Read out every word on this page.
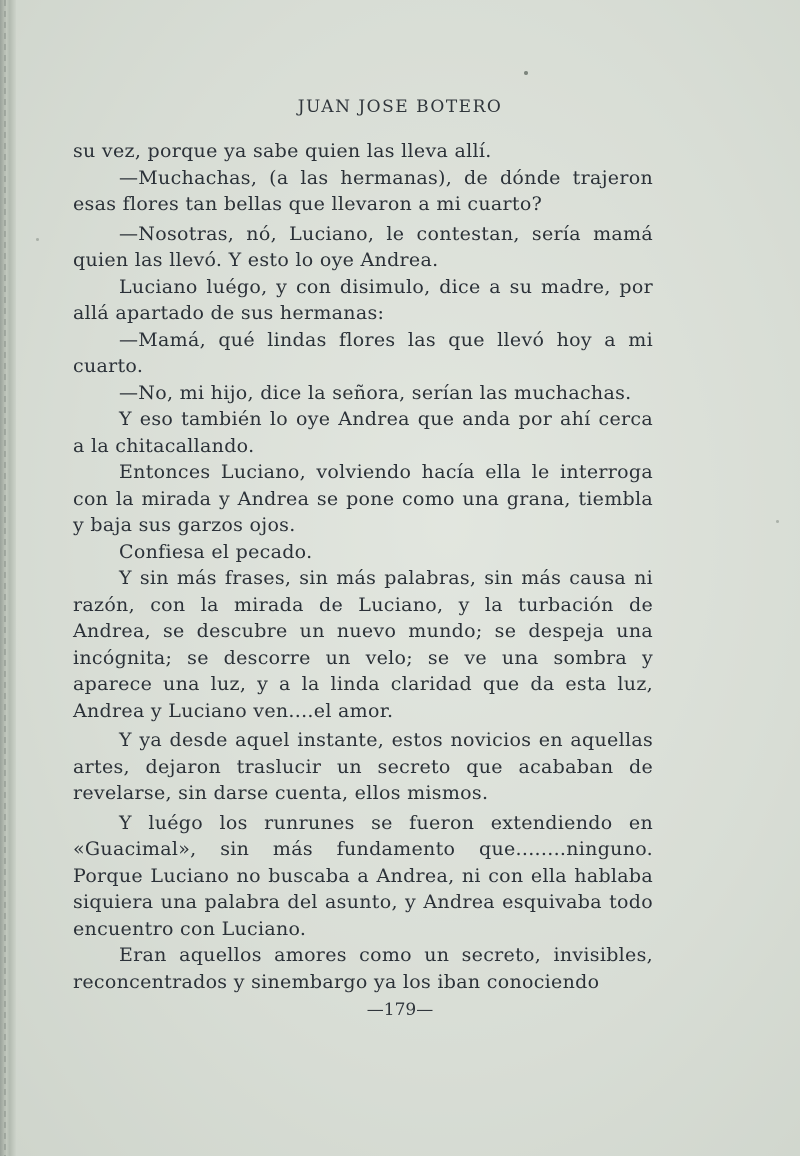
JUAN JOSE BOTERO

su vez, porque ya sabe quien las lleva allí.

—Muchachas, (a las hermanas), de dónde trajeron esas flores tan bellas que llevaron a mi cuarto?

—Nosotras, nó, Luciano, le contestan, sería mamá quien las llevó. Y esto lo oye Andrea.

Luciano luégo, y con disimulo, dice a su madre, por allá apartado de sus hermanas:

—Mamá, qué lindas flores las que llevó hoy a mi cuarto.

—No, mi hijo, dice la señora, serían las muchachas.

Y eso también lo oye Andrea que anda por ahí cerca a la chitacallando.

Entonces Luciano, volviendo hacía ella le interroga con la mirada y Andrea se pone como una grana, tiembla y baja sus garzos ojos.

Confiesa el pecado.

Y sin más frases, sin más palabras, sin más causa ni razón, con la mirada de Luciano, y la turbación de Andrea, se descubre un nuevo mundo; se despeja una incógnita; se descorre un velo; se ve una sombra y aparece una luz, y a la linda claridad que da esta luz, Andrea y Luciano ven....el amor.

Y ya desde aquel instante, estos novicios en aquellas artes, dejaron traslucir un secreto que acababan de revelarse, sin darse cuenta, ellos mismos.

Y luégo los runrunes se fueron extendiendo en «Guacimal», sin más fundamento que........ninguno. Porque Luciano no buscaba a Andrea, ni con ella hablaba siquiera una palabra del asunto, y Andrea esquivaba todo encuentro con Luciano.

Eran aquellos amores como un secreto, invisibles, reconcentrados y sinembargo ya los iban conociendo

—179—
